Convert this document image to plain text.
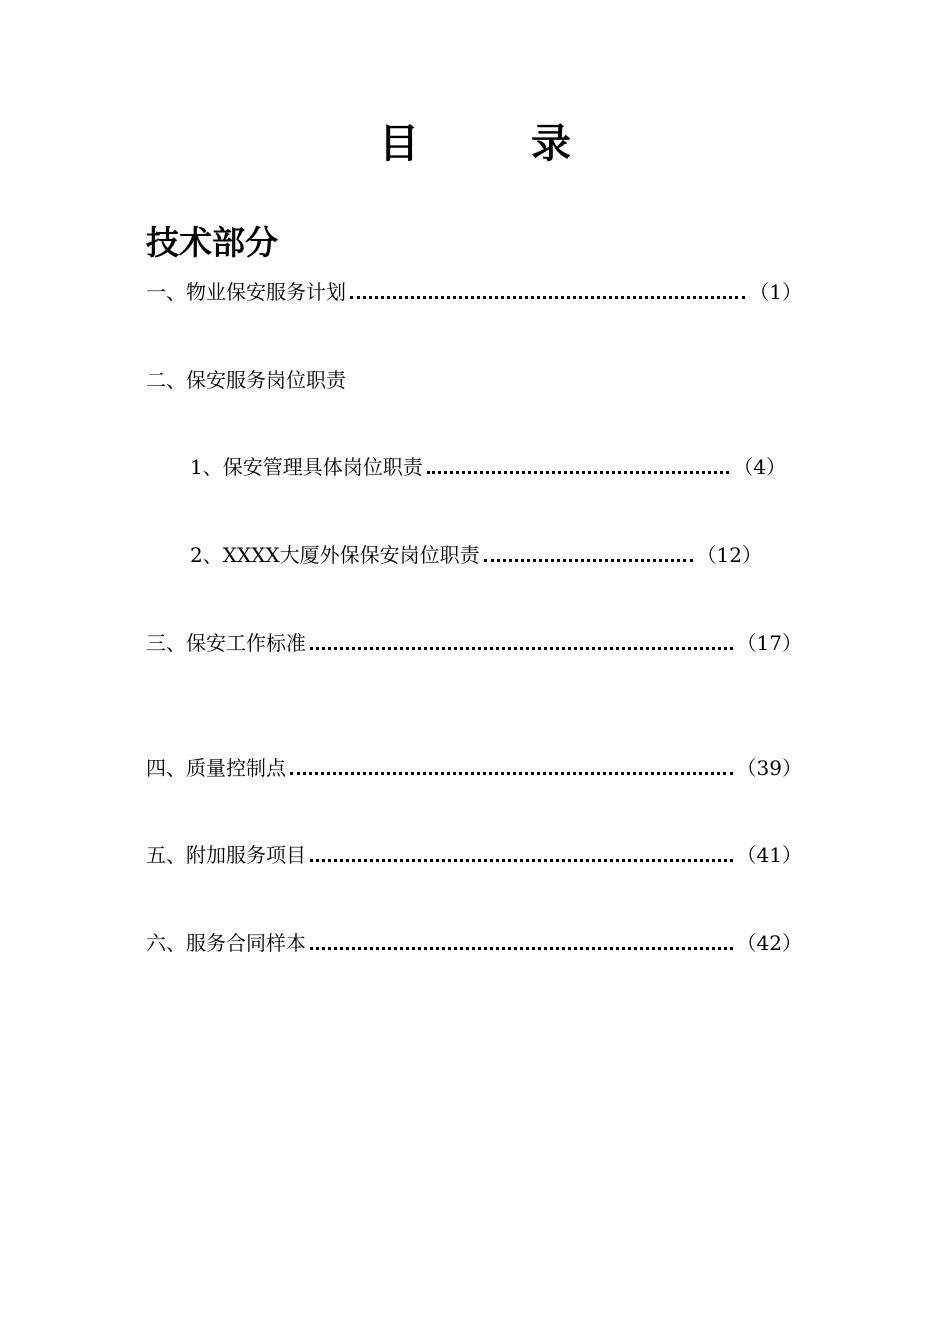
目　录
技术部分
一、物业保安服务计划	（1）
二、保安服务岗位职责
1、保安管理具体岗位职责	（4）
2、XXXX大厦外保保安岗位职责	（12）
三、保安工作标准	（17）
四、质量控制点	（39）
五、附加服务项目	（41）
六、服务合同样本	（42）
